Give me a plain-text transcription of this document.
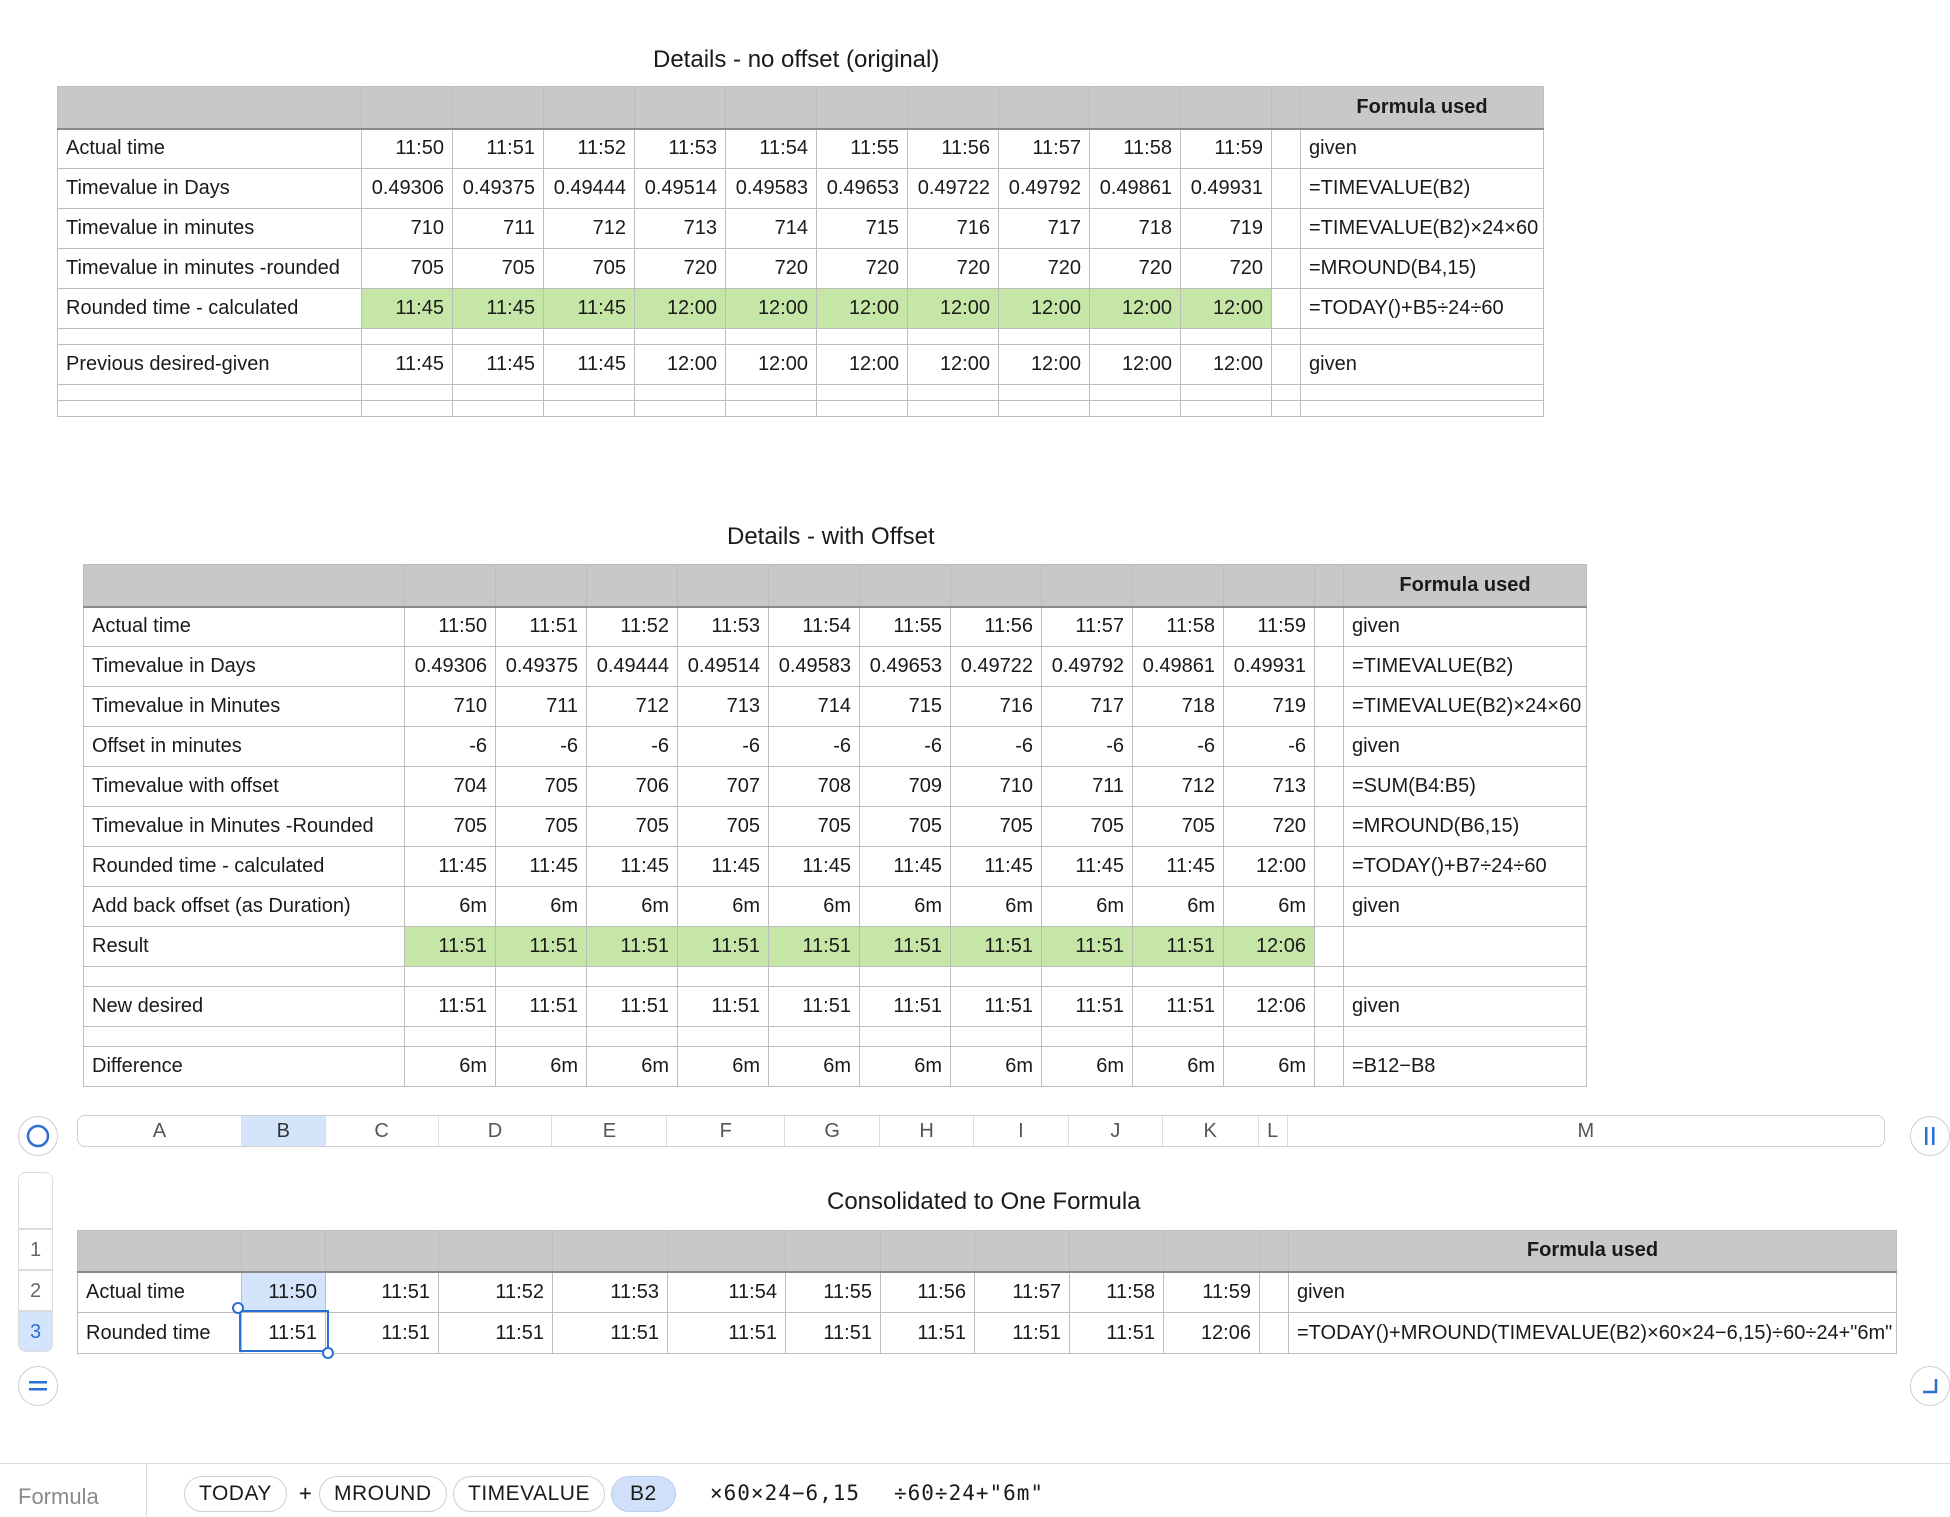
Details - no offset (original)
												Formula used
Actual time	11:50	11:51	11:52	11:53	11:54	11:55	11:56	11:57	11:58	11:59		given
Timevalue in Days	0.49306	0.49375	0.49444	0.49514	0.49583	0.49653	0.49722	0.49792	0.49861	0.49931		=TIMEVALUE(B2)
Timevalue in minutes	710	711	712	713	714	715	716	717	718	719		=TIMEVALUE(B2)×24×60
Timevalue in minutes -rounded	705	705	705	720	720	720	720	720	720	720		=MROUND(B4,15)
Rounded time - calculated	11:45	11:45	11:45	12:00	12:00	12:00	12:00	12:00	12:00	12:00		=TODAY()+B5÷24÷60

Previous desired-given	11:45	11:45	11:45	12:00	12:00	12:00	12:00	12:00	12:00	12:00		given

Details - with Offset
												Formula used
Actual time	11:50	11:51	11:52	11:53	11:54	11:55	11:56	11:57	11:58	11:59		given
Timevalue in Days	0.49306	0.49375	0.49444	0.49514	0.49583	0.49653	0.49722	0.49792	0.49861	0.49931		=TIMEVALUE(B2)
Timevalue in Minutes	710	711	712	713	714	715	716	717	718	719		=TIMEVALUE(B2)×24×60
Offset in minutes	-6	-6	-6	-6	-6	-6	-6	-6	-6	-6		given
Timevalue with offset	704	705	706	707	708	709	710	711	712	713		=SUM(B4:B5)
Timevalue in Minutes -Rounded	705	705	705	705	705	705	705	705	705	720		=MROUND(B6,15)
Rounded time - calculated	11:45	11:45	11:45	11:45	11:45	11:45	11:45	11:45	11:45	12:00		=TODAY()+B7÷24÷60
Add back offset (as Duration)	6m	6m	6m	6m	6m	6m	6m	6m	6m	6m		given
Result	11:51	11:51	11:51	11:51	11:51	11:51	11:51	11:51	11:51	12:06		

New desired	11:51	11:51	11:51	11:51	11:51	11:51	11:51	11:51	11:51	12:06		given

Difference	6m	6m	6m	6m	6m	6m	6m	6m	6m	6m		=B12−B8
A	B	C	D	E	F	G	H	I	J	K	L	M
Consolidated to One Formula
1
2
3
												Formula used
Actual time	11:50	11:51	11:52	11:53	11:54	11:55	11:56	11:57	11:58	11:59		given
Rounded time	11:51	11:51	11:51	11:51	11:51	11:51	11:51	11:51	11:51	12:06		=TODAY()+MROUND(TIMEVALUE(B2)×60×24−6,15)÷60÷24+"6m"
Formula	TODAY	+	MROUND	TIMEVALUE	B2	×60×24−6,15 ÷60÷24+"6m"
